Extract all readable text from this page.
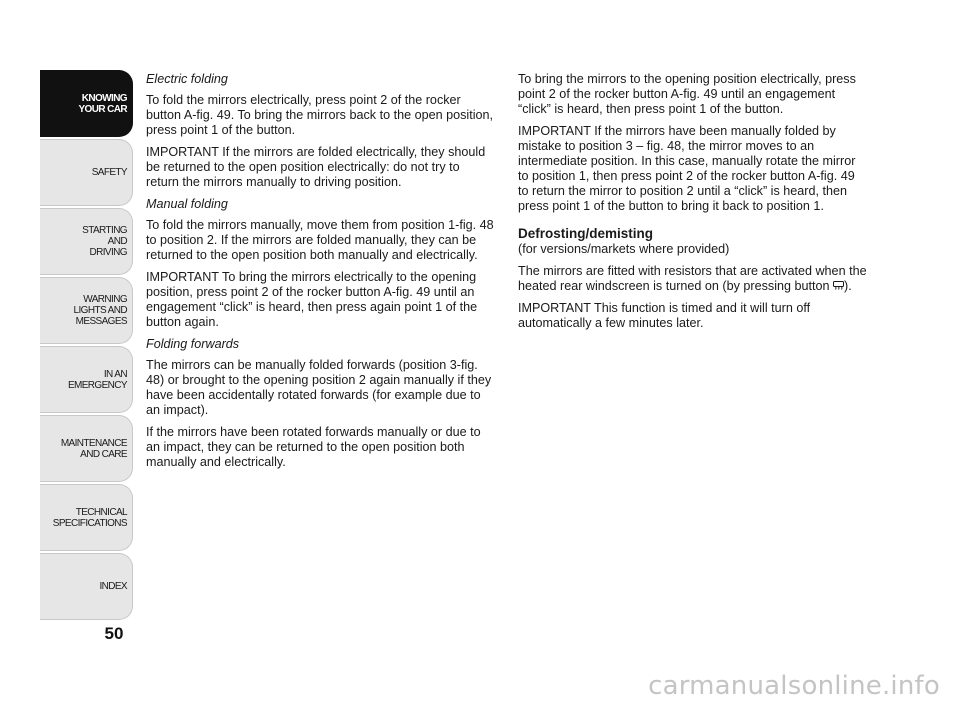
KNOWING
YOUR CAR
SAFETY
STARTING
AND
DRIVING
WARNING
LIGHTS AND
MESSAGES
IN AN
EMERGENCY
MAINTENANCE
AND CARE
TECHNICAL
SPECIFICATIONS
INDEX
50

Electric folding

To fold the mirrors electrically, press point 2 of the rocker button A-fig. 49. To bring the mirrors back to the open position, press point 1 of the button.

IMPORTANT If the mirrors are folded electrically, they should be returned to the open position electrically: do not try to return the mirrors manually to driving position.

Manual folding

To fold the mirrors manually, move them from position 1-fig. 48 to position 2. If the mirrors are folded manually, they can be returned to the open position both manually and electrically.

IMPORTANT To bring the mirrors electrically to the opening position, press point 2 of the rocker button A-fig. 49 until an engagement “click” is heard, then press again point 1 of the button again.

Folding forwards

The mirrors can be manually folded forwards (position 3-fig. 48) or brought to the opening position 2 again manually if they have been accidentally rotated forwards (for example due to an impact).

If the mirrors have been rotated forwards manually or due to an impact, they can be returned to the open position both manually and electrically.

To bring the mirrors to the opening position electrically, press point 2 of the rocker button A-fig. 49 until an engagement “click” is heard, then press point 1 of the button.

IMPORTANT If the mirrors have been manually folded by mistake to position 3 – fig. 48, the mirror moves to an intermediate position. In this case, manually rotate the mirror to position 1, then press point 2 of the rocker button A-fig. 49 to return the mirror to position 2 until a “click” is heard, then press point 1 of the button to bring it back to position 1.

Defrosting/demisting

(for versions/markets where provided)

The mirrors are fitted with resistors that are activated when the heated rear windscreen is turned on (by pressing button
).

IMPORTANT This function is timed and it will turn off automatically a few minutes later.

carmanualsonline.info
